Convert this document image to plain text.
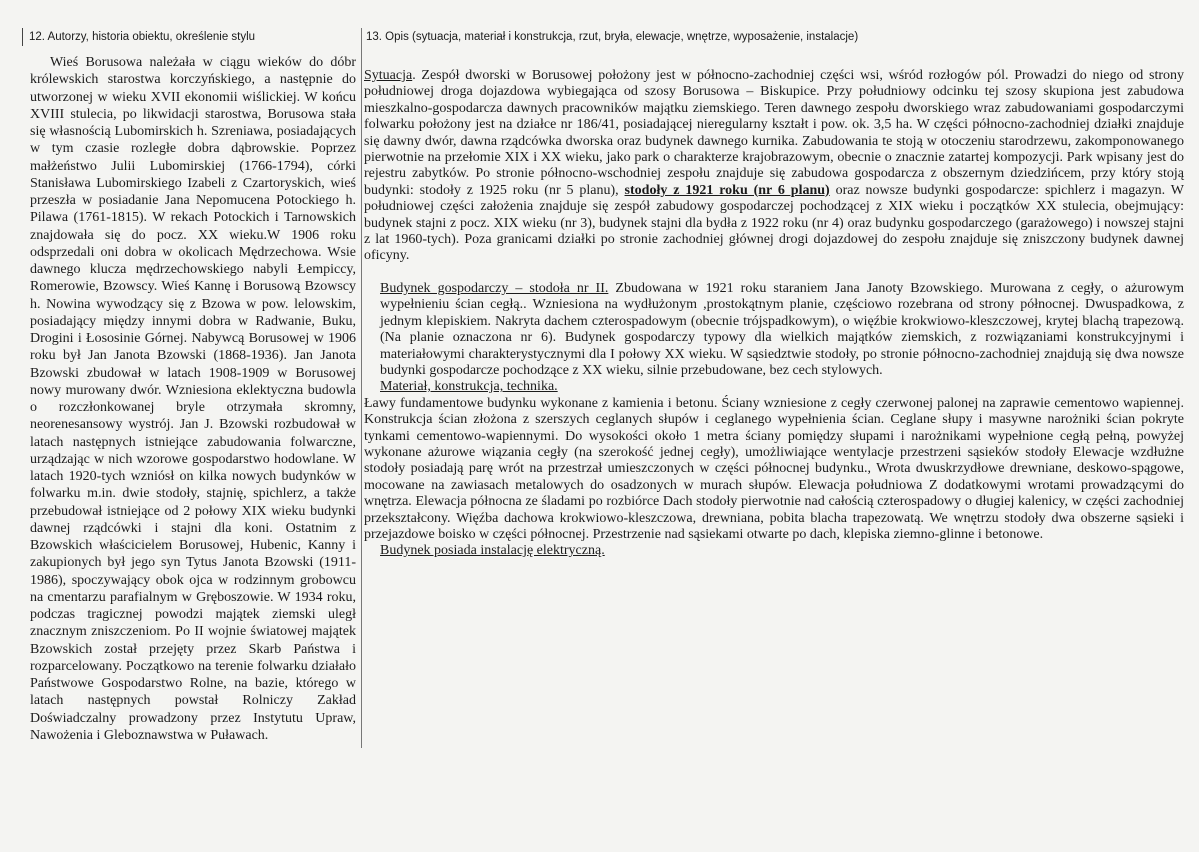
12. Autorzy, historia obiektu, określenie stylu

Wieś Borusowa należała w ciągu wieków do dóbr królewskich starostwa korczyńskiego, a następnie do utworzonej w wieku XVII ekonomii wiślickiej. W końcu XVIII stulecia, po likwidacji starostwa, Borusowa stała się własnością Lubomirskich h. Szreniawa, posiadających w tym czasie rozległe dobra dąbrowskie. Poprzez małżeństwo Julii Lubomirskiej (1766-1794), córki Stanisława Lubomirskiego Izabeli z Czartoryskich, wieś przeszła w posiadanie Jana Nepomucena Potockiego h. Pilawa (1761-1815). W rekach Potockich i Tarnowskich znajdowała się do pocz. XX wieku.W 1906 roku odsprzedali oni dobra w okolicach Mędrzechowa. Wsie dawnego klucza mędrzechowskiego nabyli Łempiccy, Romerowie, Bzowscy. Wieś Kannę i Borusową Bzowscy h. Nowina wywodzący się z Bzowa w pow. lelowskim, posiadający między innymi dobra w Radwanie, Buku, Drogini i Łososinie Górnej. Nabywcą Borusowej w 1906 roku był Jan Janota Bzowski (1868-1936). Jan Janota Bzowski zbudował w latach 1908-1909 w Borusowej nowy murowany dwór. Wzniesiona eklektyczna budowla o rozczłonkowanej bryle otrzymała skromny, neorenesansowy wystrój. Jan J. Bzowski rozbudował w latach następnych istniejące zabudowania folwarczne, urządzając w nich wzorowe gospodarstwo hodowlane. W latach 1920-tych wzniósł on kilka nowych budynków w folwarku m.in. dwie stodoły, stajnię, spichlerz, a także przebudował istniejące od 2 połowy XIX wieku budynki dawnej rządcówki i stajni dla koni. Ostatnim z Bzowskich właścicielem Borusowej, Hubenic, Kanny i zakupionych był jego syn Tytus Janota Bzowski (1911-1986), spoczywający obok ojca w rodzinnym grobowcu na cmentarzu parafialnym w Gręboszowie. W 1934 roku, podczas tragicznej powodzi majątek ziemski uległ znacznym zniszczeniom. Po II wojnie światowej majątek Bzowskich został przejęty przez Skarb Państwa i rozparcelowany. Początkowo na terenie folwarku działało Państwowe Gospodarstwo Rolne, na bazie, którego w latach następnych powstał Rolniczy Zakład Doświadczalny prowadzony przez Instytutu Upraw, Nawożenia i Gleboznawstwa w Puławach.

13. Opis (sytuacja, materiał i konstrukcja, rzut, bryła, elewacje, wnętrze, wyposażenie, instalacje)

Sytuacja. Zespół dworski w Borusowej położony jest w północno-zachodniej części wsi, wśród rozłogów pól. Prowadzi do niego od strony południowej droga dojazdowa wybiegająca od szosy Borusowa – Biskupice. Przy południowy odcinku tej szosy skupiona jest zabudowa mieszkalno-gospodarcza dawnych pracowników majątku ziemskiego. Teren dawnego zespołu dworskiego wraz zabudowaniami gospodarczymi folwarku położony jest na działce nr 186/41, posiadającej nieregularny kształt i pow. ok. 3,5 ha. W części północno-zachodniej działki znajduje się dawny dwór, dawna rządcówka dworska oraz budynek dawnego kurnika. Zabudowania te stoją w otoczeniu starodrzewu, zakomponowanego pierwotnie na przełomie XIX i XX wieku, jako park o charakterze krajobrazowym, obecnie o znacznie zatartej kompozycji. Park wpisany jest do rejestru zabytków. Po stronie północno-wschodniej zespołu znajduje się zabudowa gospodarcza z obszernym dziedzińcem, przy który stoją budynki: stodoły z 1925 roku (nr 5 planu), stodoły z 1921 roku (nr 6 planu) oraz nowsze budynki gospodarcze: spichlerz i magazyn. W południowej części założenia znajduje się zespół zabudowy gospodarczej pochodzącej z XIX wieku i początków XX stulecia, obejmujący: budynek stajni z pocz. XIX wieku (nr 3), budynek stajni dla bydła z 1922 roku (nr 4) oraz budynku gospodarczego (garażowego) i nowszej stajni z lat 1960-tych). Poza granicami działki po stronie zachodniej głównej drogi dojazdowej do zespołu znajduje się zniszczony budynek dawnej oficyny.

Budynek gospodarczy – stodoła nr II. Zbudowana w 1921 roku staraniem Jana Janoty Bzowskiego. Murowana z cegły, o ażurowym wypełnieniu ścian cegłą.. Wzniesiona na wydłużonym ,prostokątnym planie, częściowo rozebrana od strony północnej. Dwuspadkowa, z jednym klepiskiem. Nakryta dachem czterospadowym (obecnie trójspadkowym), o więźbie krokwiowo-kleszczowej, krytej blachą trapezową. (Na planie oznaczona nr 6). Budynek gospodarczy typowy dla wielkich majątków ziemskich, z rozwiązaniami konstrukcyjnymi i materiałowymi charakterystycznymi dla I połowy XX wieku. W sąsiedztwie stodoły, po stronie północno-zachodniej znajdują się dwa nowsze budynki gospodarcze pochodzące z XX wieku, silnie przebudowane, bez cech stylowych.

Materiał, konstrukcja, technika.

Ławy fundamentowe budynku wykonane z kamienia i betonu. Ściany wzniesione z cegły czerwonej palonej na zaprawie cementowo wapiennej. Konstrukcja ścian złożona z szerszych ceglanych słupów i ceglanego wypełnienia ścian. Ceglane słupy i masywne narożniki ścian pokryte tynkami cementowo-wapiennymi. Do wysokości około 1 metra ściany pomiędzy słupami i narożnikami wypełnione cegłą pełną, powyżej wykonane ażurowe wiązania cegły (na szerokość jednej cegły), umożliwiające wentylacje przestrzeni sąsieków stodoły Elewacje wzdłużne stodoły posiadają parę wrót na przestrzał umieszczonych w części północnej budynku., Wrota dwuskrzydłowe drewniane, deskowo-spągowe, mocowane na zawiasach metalowych do osadzonych w murach słupów. Elewacja południowa Z dodatkowymi wrotami prowadzącymi do wnętrza. Elewacja północna ze śladami po rozbiórce Dach stodoły pierwotnie nad całością czterospadowy o długiej kalenicy, w części zachodniej przekształcony. Więźba dachowa krokwiowo-kleszczowa, drewniana, pobita blacha trapezowatą. We wnętrzu stodoły dwa obszerne sąsieki i przejazdowe boisko w części północnej. Przestrzenie nad sąsiekami otwarte po dach, klepiska ziemno-glinne i betonowe.

Budynek posiada instalację elektryczną.
